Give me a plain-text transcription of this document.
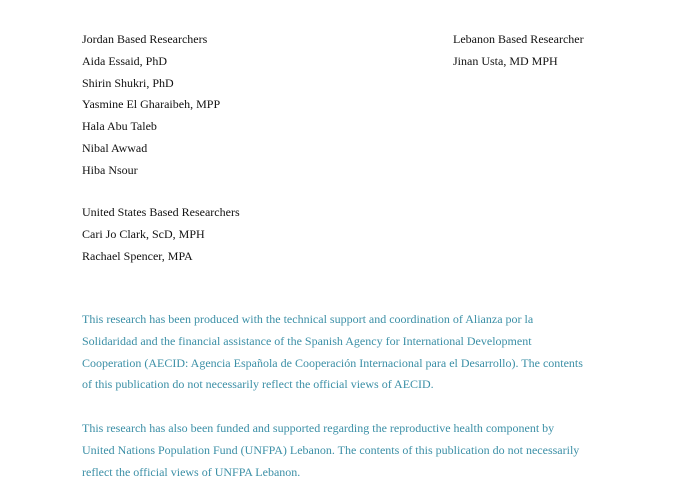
Jordan Based Researchers
Aida Essaid, PhD
Shirin Shukri, PhD
Yasmine El Gharaibeh, MPP
Hala Abu Taleb
Nibal Awwad
Hiba Nsour
Lebanon Based Researcher
Jinan Usta, MD MPH
United States Based Researchers
Cari Jo Clark, ScD, MPH
Rachael Spencer, MPA

This research has been produced with the technical support and coordination of Alianza por la
Solidaridad and the financial assistance of the Spanish Agency for International Development
Cooperation (AECID: Agencia Española de Cooperación Internacional para el Desarrollo). The contents
of this publication do not necessarily reflect the official views of AECID.

This research has also been funded and supported regarding the reproductive health component by
United Nations Population Fund (UNFPA) Lebanon. The contents of this publication do not necessarily
reflect the official views of UNFPA Lebanon.
